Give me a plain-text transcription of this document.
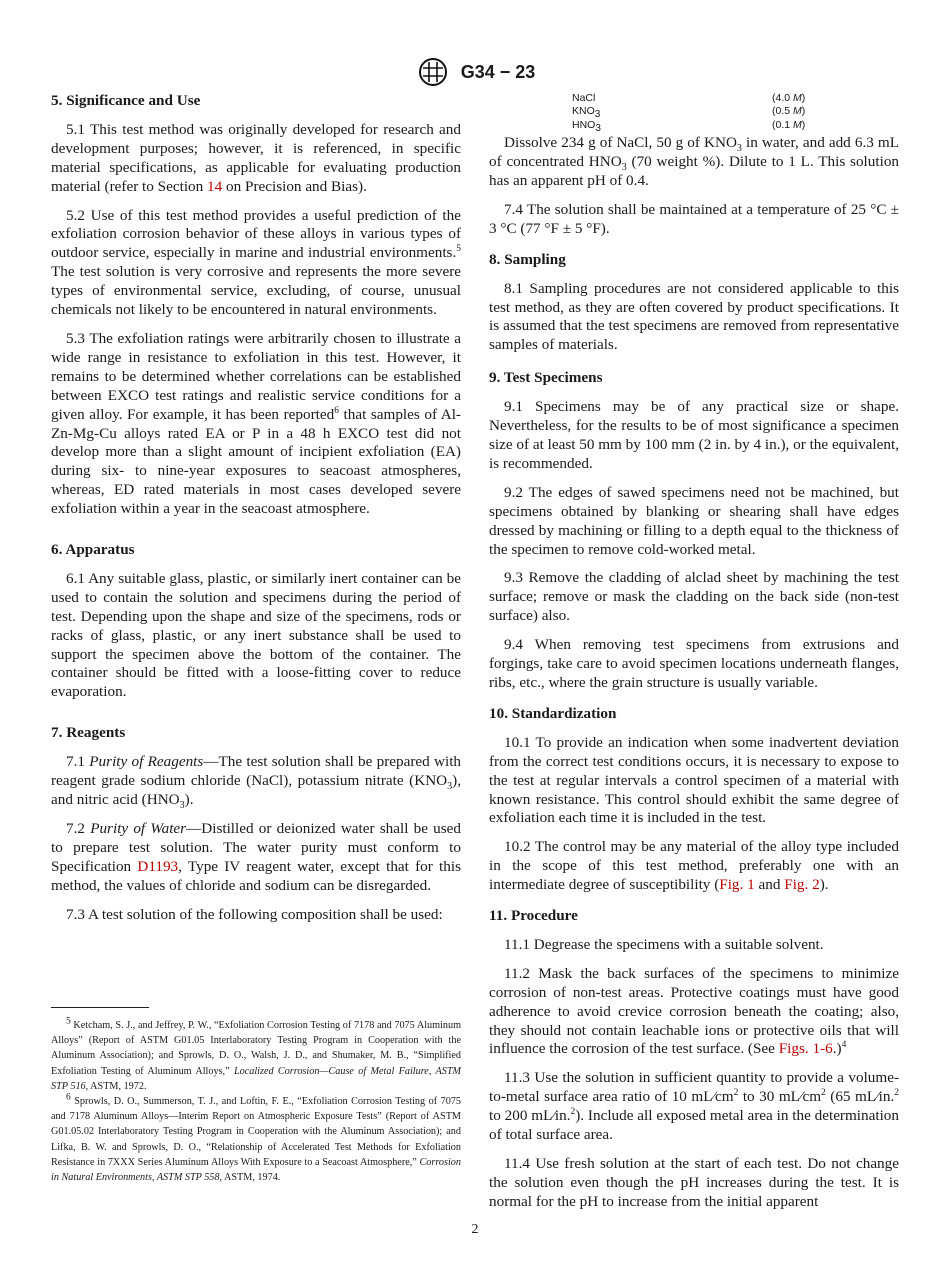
G34 − 23
5. Significance and Use

5.1 This test method was originally developed for research and development purposes; however, it is referenced, in specific material specifications, as applicable for evaluating production material (refer to Section 14 on Precision and Bias).

5.2 Use of this test method provides a useful prediction of the exfoliation corrosion behavior of these alloys in various types of outdoor service, especially in marine and industrial environments.$^5$ The test solution is very corrosive and represents the more severe types of environmental service, excluding, of course, unusual chemicals not likely to be encountered in natural environments.

5.3 The exfoliation ratings were arbitrarily chosen to illustrate a wide range in resistance to exfoliation in this test. However, it remains to be determined whether correlations can be established between EXCO test ratings and realistic service conditions for a given alloy. For example, it has been reported$^6$ that samples of Al-Zn-Mg-Cu alloys rated EA or P in a 48 h EXCO test did not develop more than a slight amount of incipient exfoliation (EA) during six- to nine-year exposures to seacoast atmospheres, whereas, ED rated materials in most cases developed severe exfoliation within a year in the seacoast atmosphere.

6. Apparatus

6.1 Any suitable glass, plastic, or similarly inert container can be used to contain the solution and specimens during the period of test. Depending upon the shape and size of the specimens, rods or racks of glass, plastic, or any inert substance shall be used to support the specimen above the bottom of the container. The container should be fitted with a loose-fitting cover to reduce evaporation.

7. Reagents

7.1 Purity of Reagents—The test solution shall be prepared with reagent grade sodium chloride (NaCl), potassium nitrate $(KNO_3)$, and nitric acid $(HNO_3)$.

7.2 Purity of Water—Distilled or deionized water shall be used to prepare test solution. The water purity must conform to Specification D1193, Type IV reagent water, except that for this method, the values of chloride and sodium can be disregarded.

7.3 A test solution of the following composition shall be used:

$^5$ Ketcham, S. J., and Jeffrey, P. W., “Exfoliation Corrosion Testing of 7178 and 7075 Aluminum Alloys” (Report of ASTM G01.05 Interlaboratory Testing Program in Cooperation with the Aluminum Association); and Sprowls, D. O., Walsh, J. D., and Shumaker, M. B., “Simplified Exfoliation Testing of Aluminum Alloys,” Localized Corrosion—Cause of Metal Failure, ASTM STP 516, ASTM, 1972.
$^6$ Sprowls, D. O., Summerson, T. J., and Loftin, F. E., “Exfoliation Corrosion Testing of 7075 and 7178 Aluminum Alloys—Interim Report on Atmospheric Exposure Tests” (Report of ASTM G01.05.02 Interlaboratory Testing Program in Cooperation with the Aluminum Association); and Lifka, B. W. and Sprowls, D. O., “Relationship of Accelerated Test Methods for Exfoliation Resistance in 7XXX Series Aluminum Alloys With Exposure to a Seacoast Atmosphere,” Corrosion in Natural Environments, ASTM STP 558, ASTM, 1974.
NaCl	(4.0 M)
$KNO_3$	(0.5 M)
$HNO_3$	(0.1 M)

Dissolve 234 g of NaCl, 50 g of $KNO_3$ in water, and add 6.3 mL of concentrated $HNO_3$ (70 weight %). Dilute to 1 L. This solution has an apparent pH of 0.4.

7.4 The solution shall be maintained at a temperature of 25 °C ± 3 °C (77 °F ± 5 °F).

8. Sampling

8.1 Sampling procedures are not considered applicable to this test method, as they are often covered by product specifications. It is assumed that the test specimens are removed from representative samples of materials.

9. Test Specimens

9.1 Specimens may be of any practical size or shape. Nevertheless, for the results to be of most significance a specimen size of at least 50 mm by 100 mm (2 in. by 4 in.), or the equivalent, is recommended.

9.2 The edges of sawed specimens need not be machined, but specimens obtained by blanking or shearing shall have edges dressed by machining or filling to a depth equal to the thickness of the specimen to remove cold-worked metal.

9.3 Remove the cladding of alclad sheet by machining the test surface; remove or mask the cladding on the back side (non-test surface) also.

9.4 When removing test specimens from extrusions and forgings, take care to avoid specimen locations underneath flanges, ribs, etc., where the grain structure is usually variable.

10. Standardization

10.1 To provide an indication when some inadvertent deviation from the correct test conditions occurs, it is necessary to expose to the test at regular intervals a control specimen of a material with known resistance. This control should exhibit the same degree of exfoliation each time it is included in the test.

10.2 The control may be any material of the alloy type included in the scope of this test method, preferably one with an intermediate degree of susceptibility (Fig. 1 and Fig. 2).

11. Procedure

11.1 Degrease the specimens with a suitable solvent.

11.2 Mask the back surfaces of the specimens to minimize corrosion of non-test areas. Protective coatings must have good adherence to avoid crevice corrosion beneath the coating; also, they should not contain leachable ions or protective oils that will influence the corrosion of the test surface. (See Figs. 1-6.)$^4$

11.3 Use the solution in sufficient quantity to provide a volume-to-metal surface area ratio of 10 $mL⁄cm^2$ to 30 $mL⁄cm^2$ (65 mL⁄in.$^2$ to 200 mL⁄in.$^2$). Include all exposed metal area in the determination of total surface area.

11.4 Use fresh solution at the start of each test. Do not change the solution even though the pH increases during the test. It is normal for the pH to increase from the initial apparent

2
